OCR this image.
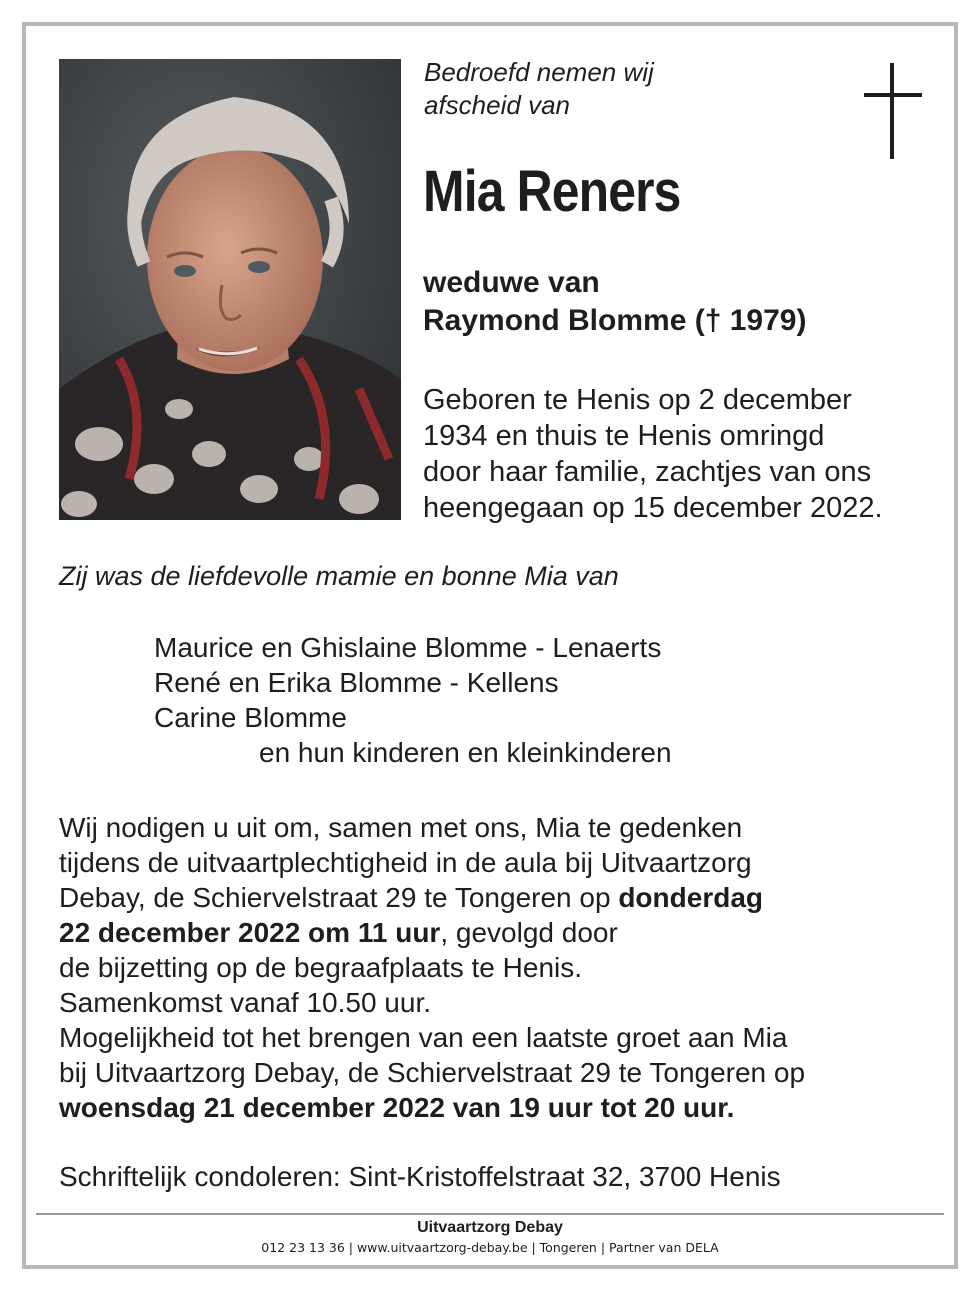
Bedroefd nemen wij
afscheid van
Mia Reners
weduwe van
Raymond Blomme († 1979)
Geboren te Henis op 2 december
1934 en thuis te Henis omringd
door haar familie, zachtjes van ons
heengegaan op 15 december 2022.
Zij was de liefdevolle mamie en bonne Mia van
Maurice en Ghislaine Blomme - Lenaerts
René en Erika Blomme - Kellens
Carine Blomme
en hun kinderen en kleinkinderen
Wij nodigen u uit om, samen met ons, Mia te gedenken
tijdens de uitvaartplechtigheid in de aula bij Uitvaartzorg
Debay, de Schiervelstraat 29 te Tongeren op donderdag
22 december 2022 om 11 uur, gevolgd door
de bijzetting op de begraafplaats te Henis.
Samenkomst vanaf 10.50 uur.
Mogelijkheid tot het brengen van een laatste groet aan Mia
bij Uitvaartzorg Debay, de Schiervelstraat 29 te Tongeren op
woensdag 21 december 2022 van 19 uur tot 20 uur.
Schriftelijk condoleren: Sint-Kristoffelstraat 32, 3700 Henis
Uitvaartzorg Debay
012 23 13 36 | www.uitvaartzorg-debay.be | Tongeren | Partner van DELA
